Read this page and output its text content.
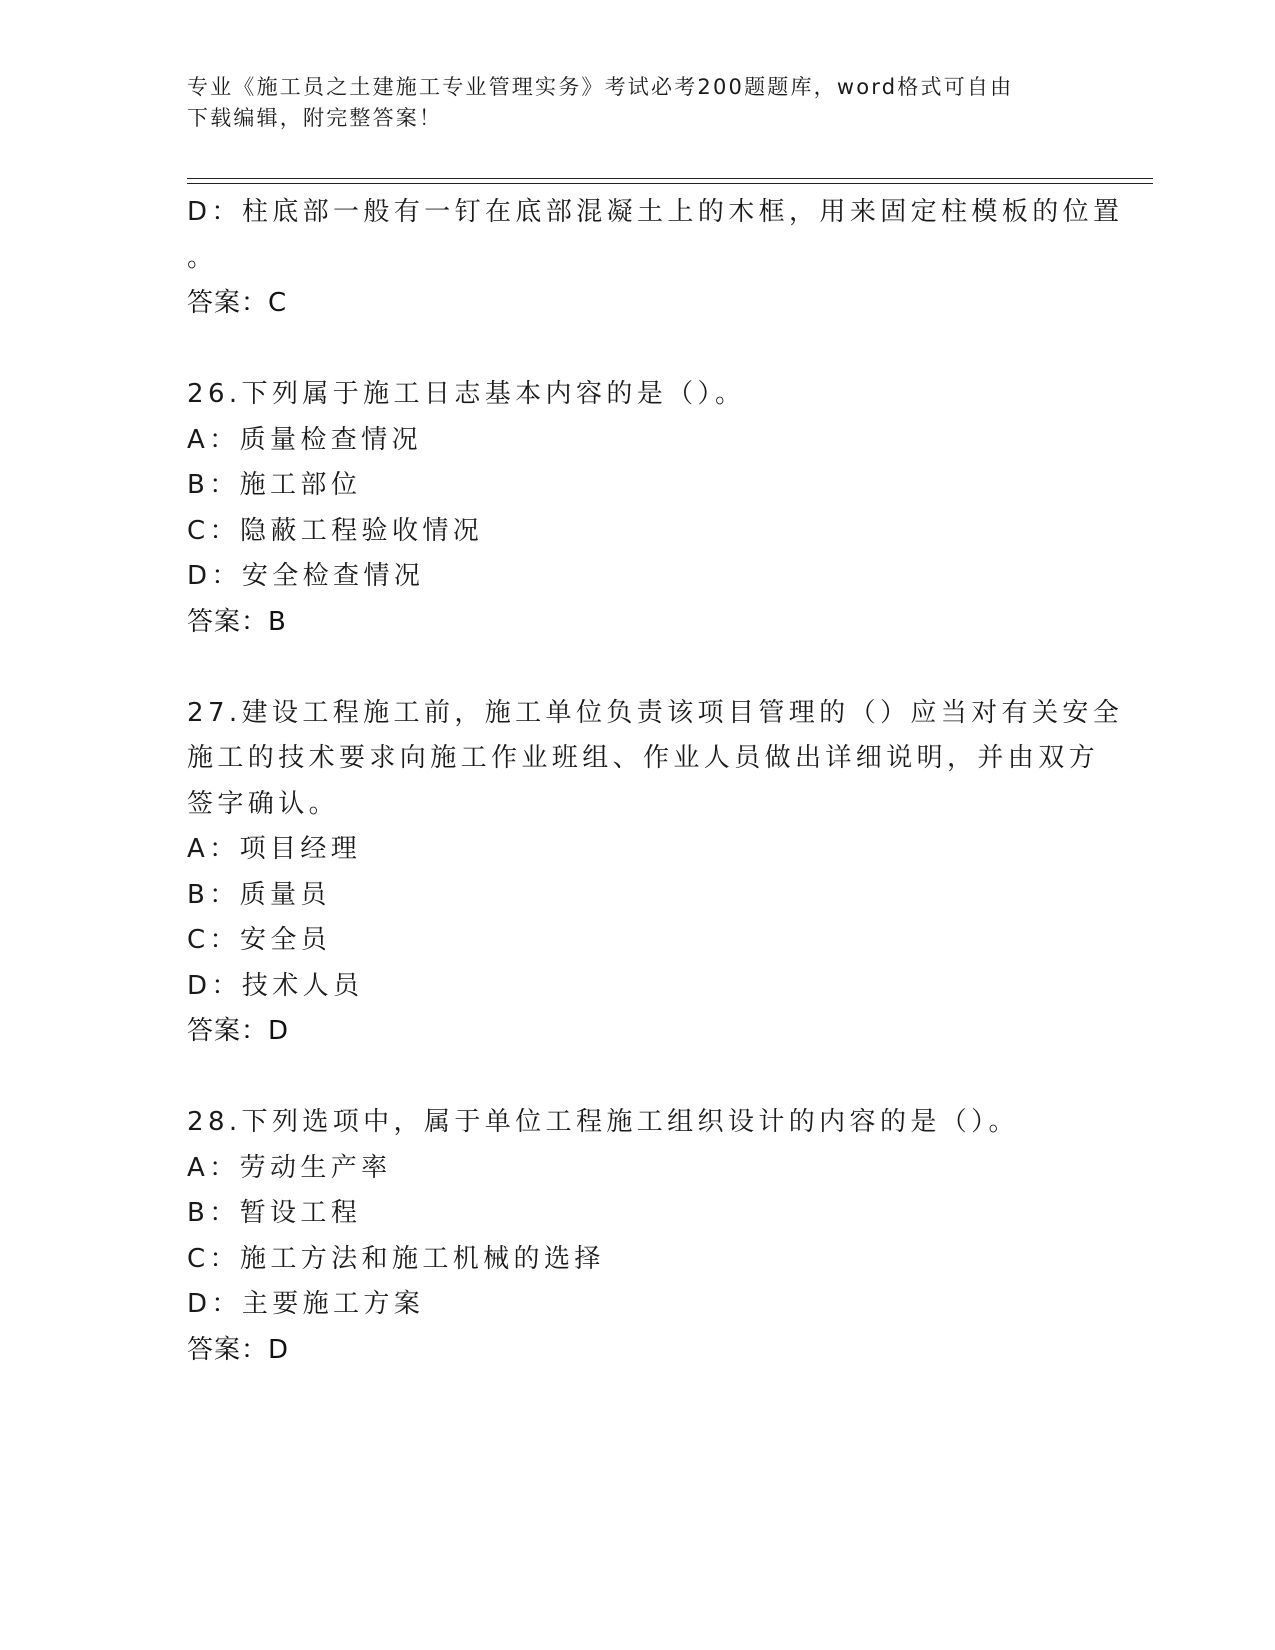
专业《施工员之土建施工专业管理实务》考试必考200题题库，word格式可自由
下载编辑，附完整答案！
D：柱底部一般有一钉在底部混凝土上的木框，用来固定柱模板的位置
。
答案：C
26.下列属于施工日志基本内容的是（）。
A：质量检查情况
B：施工部位
C：隐蔽工程验收情况
D：安全检查情况
答案：B
27.建设工程施工前，施工单位负责该项目管理的（）应当对有关安全
施工的技术要求向施工作业班组、作业人员做出详细说明，并由双方
签字确认。
A：项目经理
B：质量员
C：安全员
D：技术人员
答案：D
28.下列选项中，属于单位工程施工组织设计的内容的是（）。
A：劳动生产率
B：暂设工程
C：施工方法和施工机械的选择
D：主要施工方案
答案：D
